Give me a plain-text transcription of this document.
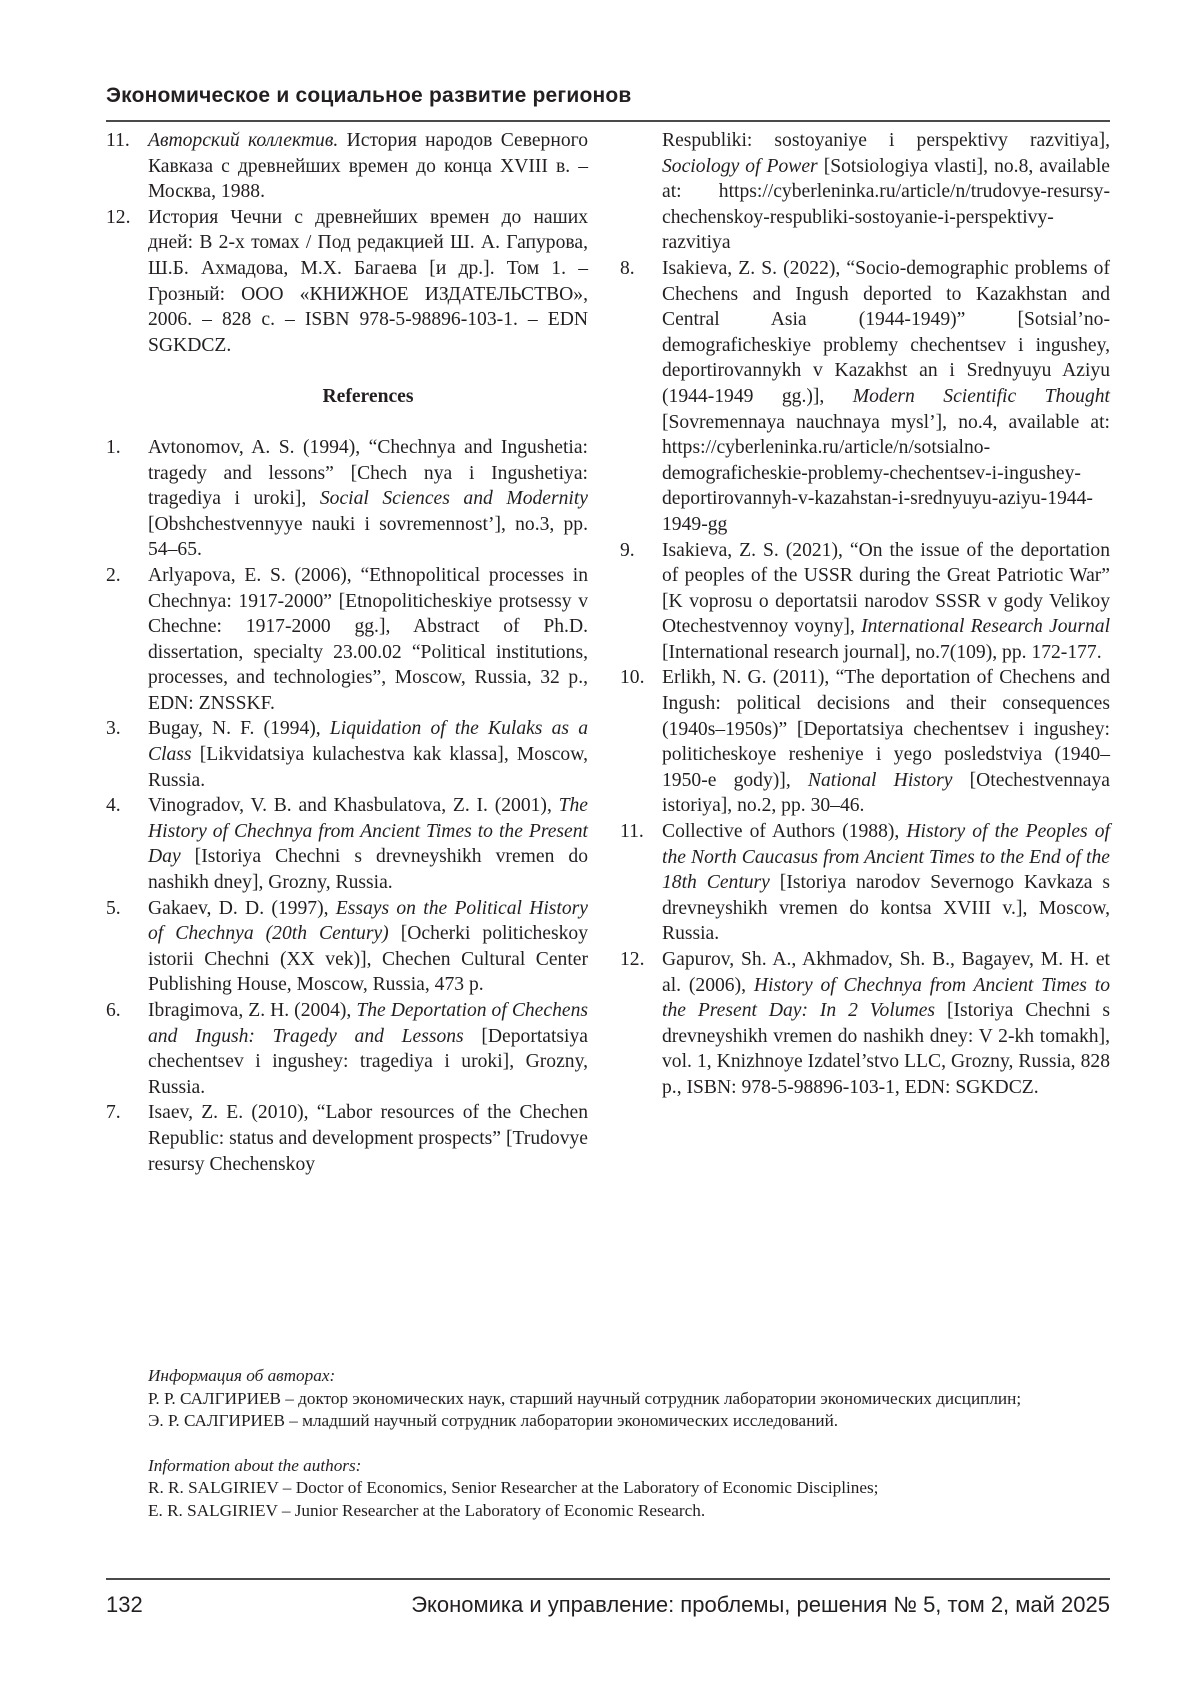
Экономическое и социальное развитие регионов
11. Авторский коллектив. История народов Северного Кавказа с древнейших времен до конца XVIII в. – Москва, 1988.
12. История Чечни с древнейших времен до наших дней: В 2-х томах / Под редакцией Ш. А. Гапурова, Ш.Б. Ахмадова, М.Х. Багаева [и др.]. Том 1. – Грозный: ООО «КНИЖНОЕ ИЗДАТЕЛЬСТВО», 2006. – 828 с. – ISBN 978-5-98896-103-1. – EDN SGKDCZ.
References
1. Avtonomov, A. S. (1994), “Chechnya and Ingushetia: tragedy and lessons” [Chech nya i Ingushetiya: tragediya i uroki], Social Sciences and Modernity [Obshchestvennyye nauki i sovremennost’], no.3, pp. 54–65.
2. Arlyapova, E. S. (2006), “Ethnopolitical processes in Chechnya: 1917-2000” [Etnopoliticheskiye protsessy v Chechne: 1917-2000 gg.], Abstract of Ph.D. dissertation, specialty 23.00.02 “Political institutions, processes, and technologies”, Moscow, Russia, 32 p., EDN: ZNSSKF.
3. Bugay, N. F. (1994), Liquidation of the Kulaks as a Class [Likvidatsiya kulachestva kak klassa], Moscow, Russia.
4. Vinogradov, V. B. and Khasbulatova, Z. I. (2001), The History of Chechnya from Ancient Times to the Present Day [Istoriya Chechni s drevneyshikh vremen do nashikh dney], Grozny, Russia.
5. Gakaev, D. D. (1997), Essays on the Political History of Chechnya (20th Century) [Ocherki politicheskoy istorii Chechni (XX vek)], Chechen Cultural Center Publishing House, Moscow, Russia, 473 p.
6. Ibragimova, Z. H. (2004), The Deportation of Chechens and Ingush: Tragedy and Lessons [Deportatsiya chechentsev i ingushey: tragediya i uroki], Grozny, Russia.
7. Isaev, Z. E. (2010), “Labor resources of the Chechen Republic: status and development prospects” [Trudovye resursy Chechenskoy
Respubliki: sostoyaniye i perspektivy razvitiya], Sociology of Power [Sotsiologiya vlasti], no.8, available at: https://cyberleninka.ru/article/n/trudovye-resursy-chechenskoy-respubliki-sostoyanie-i-perspektivy-razvitiya
8. Isakieva, Z. S. (2022), “Socio-demographic problems of Chechens and Ingush deported to Kazakhstan and Central Asia (1944-1949)” [Sotsial’no-demograficheskiye problemy chechentsev i ingushey, deportirovannykh v Kazakhst an i Srednyuyu Aziyu (1944-1949 gg.)], Modern Scientific Thought [Sovremennaya nauchnaya mysl’], no.4, available at: https://cyberleninka.ru/article/n/sotsialno-demograficheskie-problemy-chechentsev-i-ingushey-deportirovannyh-v-kazahstan-i-srednyuyu-aziyu-1944-1949-gg
9. Isakieva, Z. S. (2021), “On the issue of the deportation of peoples of the USSR during the Great Patriotic War” [K voprosu o deportatsii narodov SSSR v gody Velikoy Otechestvennoy voyny], International Research Journal [International research journal], no.7(109), pp. 172-177.
10. Erlikh, N. G. (2011), “The deportation of Chechens and Ingush: political decisions and their consequences (1940s–1950s)” [Deportatsiya chechentsev i ingushey: politicheskoye resheniye i yego posledstviya (1940–1950-e gody)], National History [Otechestvennaya istoriya], no.2, pp. 30–46.
11. Collective of Authors (1988), History of the Peoples of the North Caucasus from Ancient Times to the End of the 18th Century [Istoriya narodov Severnogo Kavkaza s drevneyshikh vremen do kontsa XVIII v.], Moscow, Russia.
12. Gapurov, Sh. A., Akhmadov, Sh. B., Bagayev, M. H. et al. (2006), History of Chechnya from Ancient Times to the Present Day: In 2 Volumes [Istoriya Chechni s drevneyshikh vremen do nashikh dney: V 2-kh tomakh], vol. 1, Knizhnoye Izdatel’stvo LLC, Grozny, Russia, 828 p., ISBN: 978-5-98896-103-1, EDN: SGKDCZ.

Информация об авторах:

Р. Р. САЛГИРИЕВ – доктор экономических наук, старший научный сотрудник лаборатории экономических дисциплин;

Э. Р. САЛГИРИЕВ – младший научный сотрудник лаборатории экономических исследований.

Information about the authors:

R. R. SALGIRIEV – Doctor of Economics, Senior Researcher at the Laboratory of Economic Disciplines;

E. R. SALGIRIEV – Junior Researcher at the Laboratory of Economic Research.

132	Экономика и управление: проблемы, решения № 5, том 2, май 2025
